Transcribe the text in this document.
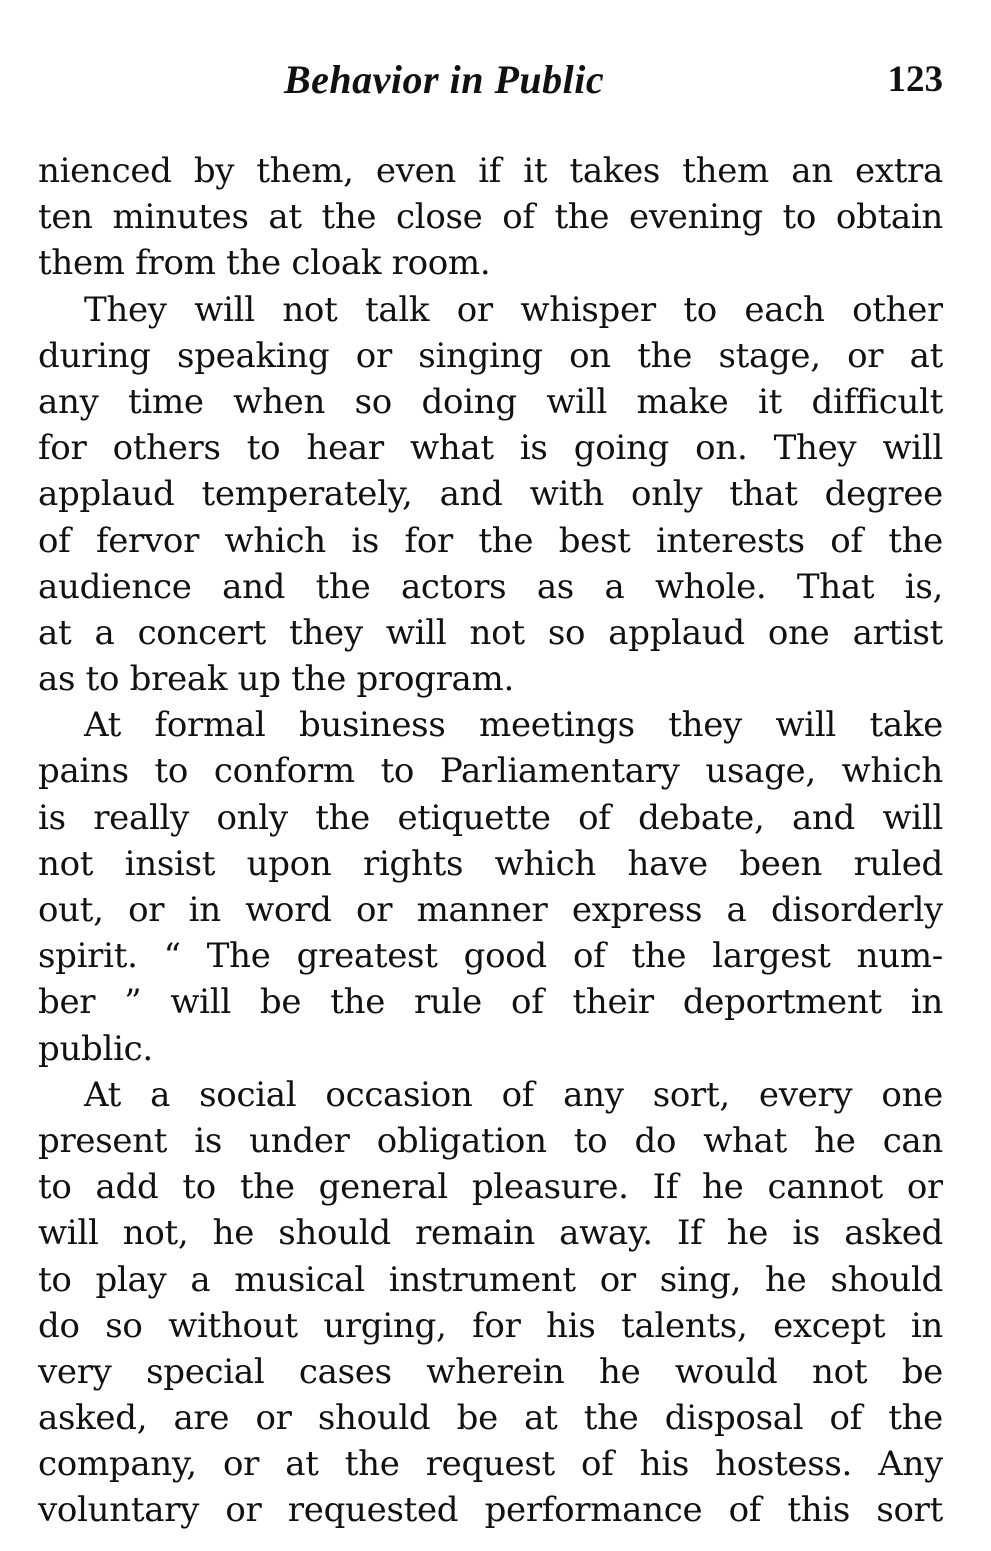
Behavior in Public	123
nienced by them, even if it takes them an extra
ten minutes at the close of the evening to obtain
them from the cloak room.
They will not talk or whisper to each other
during speaking or singing on the stage, or at
any time when so doing will make it difficult
for others to hear what is going on. They will
applaud temperately, and with only that degree
of fervor which is for the best interests of the
audience and the actors as a whole. That is,
at a concert they will not so applaud one artist
as to break up the program.
At formal business meetings they will take
pains to conform to Parliamentary usage, which
is really only the etiquette of debate, and will
not insist upon rights which have been ruled
out, or in word or manner express a disorderly
spirit. “ The greatest good of the largest num-
ber ” will be the rule of their deportment in
public.
At a social occasion of any sort, every one
present is under obligation to do what he can
to add to the general pleasure. If he cannot or
will not, he should remain away. If he is asked
to play a musical instrument or sing, he should
do so without urging, for his talents, except in
very special cases wherein he would not be
asked, are or should be at the disposal of the
company, or at the request of his hostess. Any
voluntary or requested performance of this sort
